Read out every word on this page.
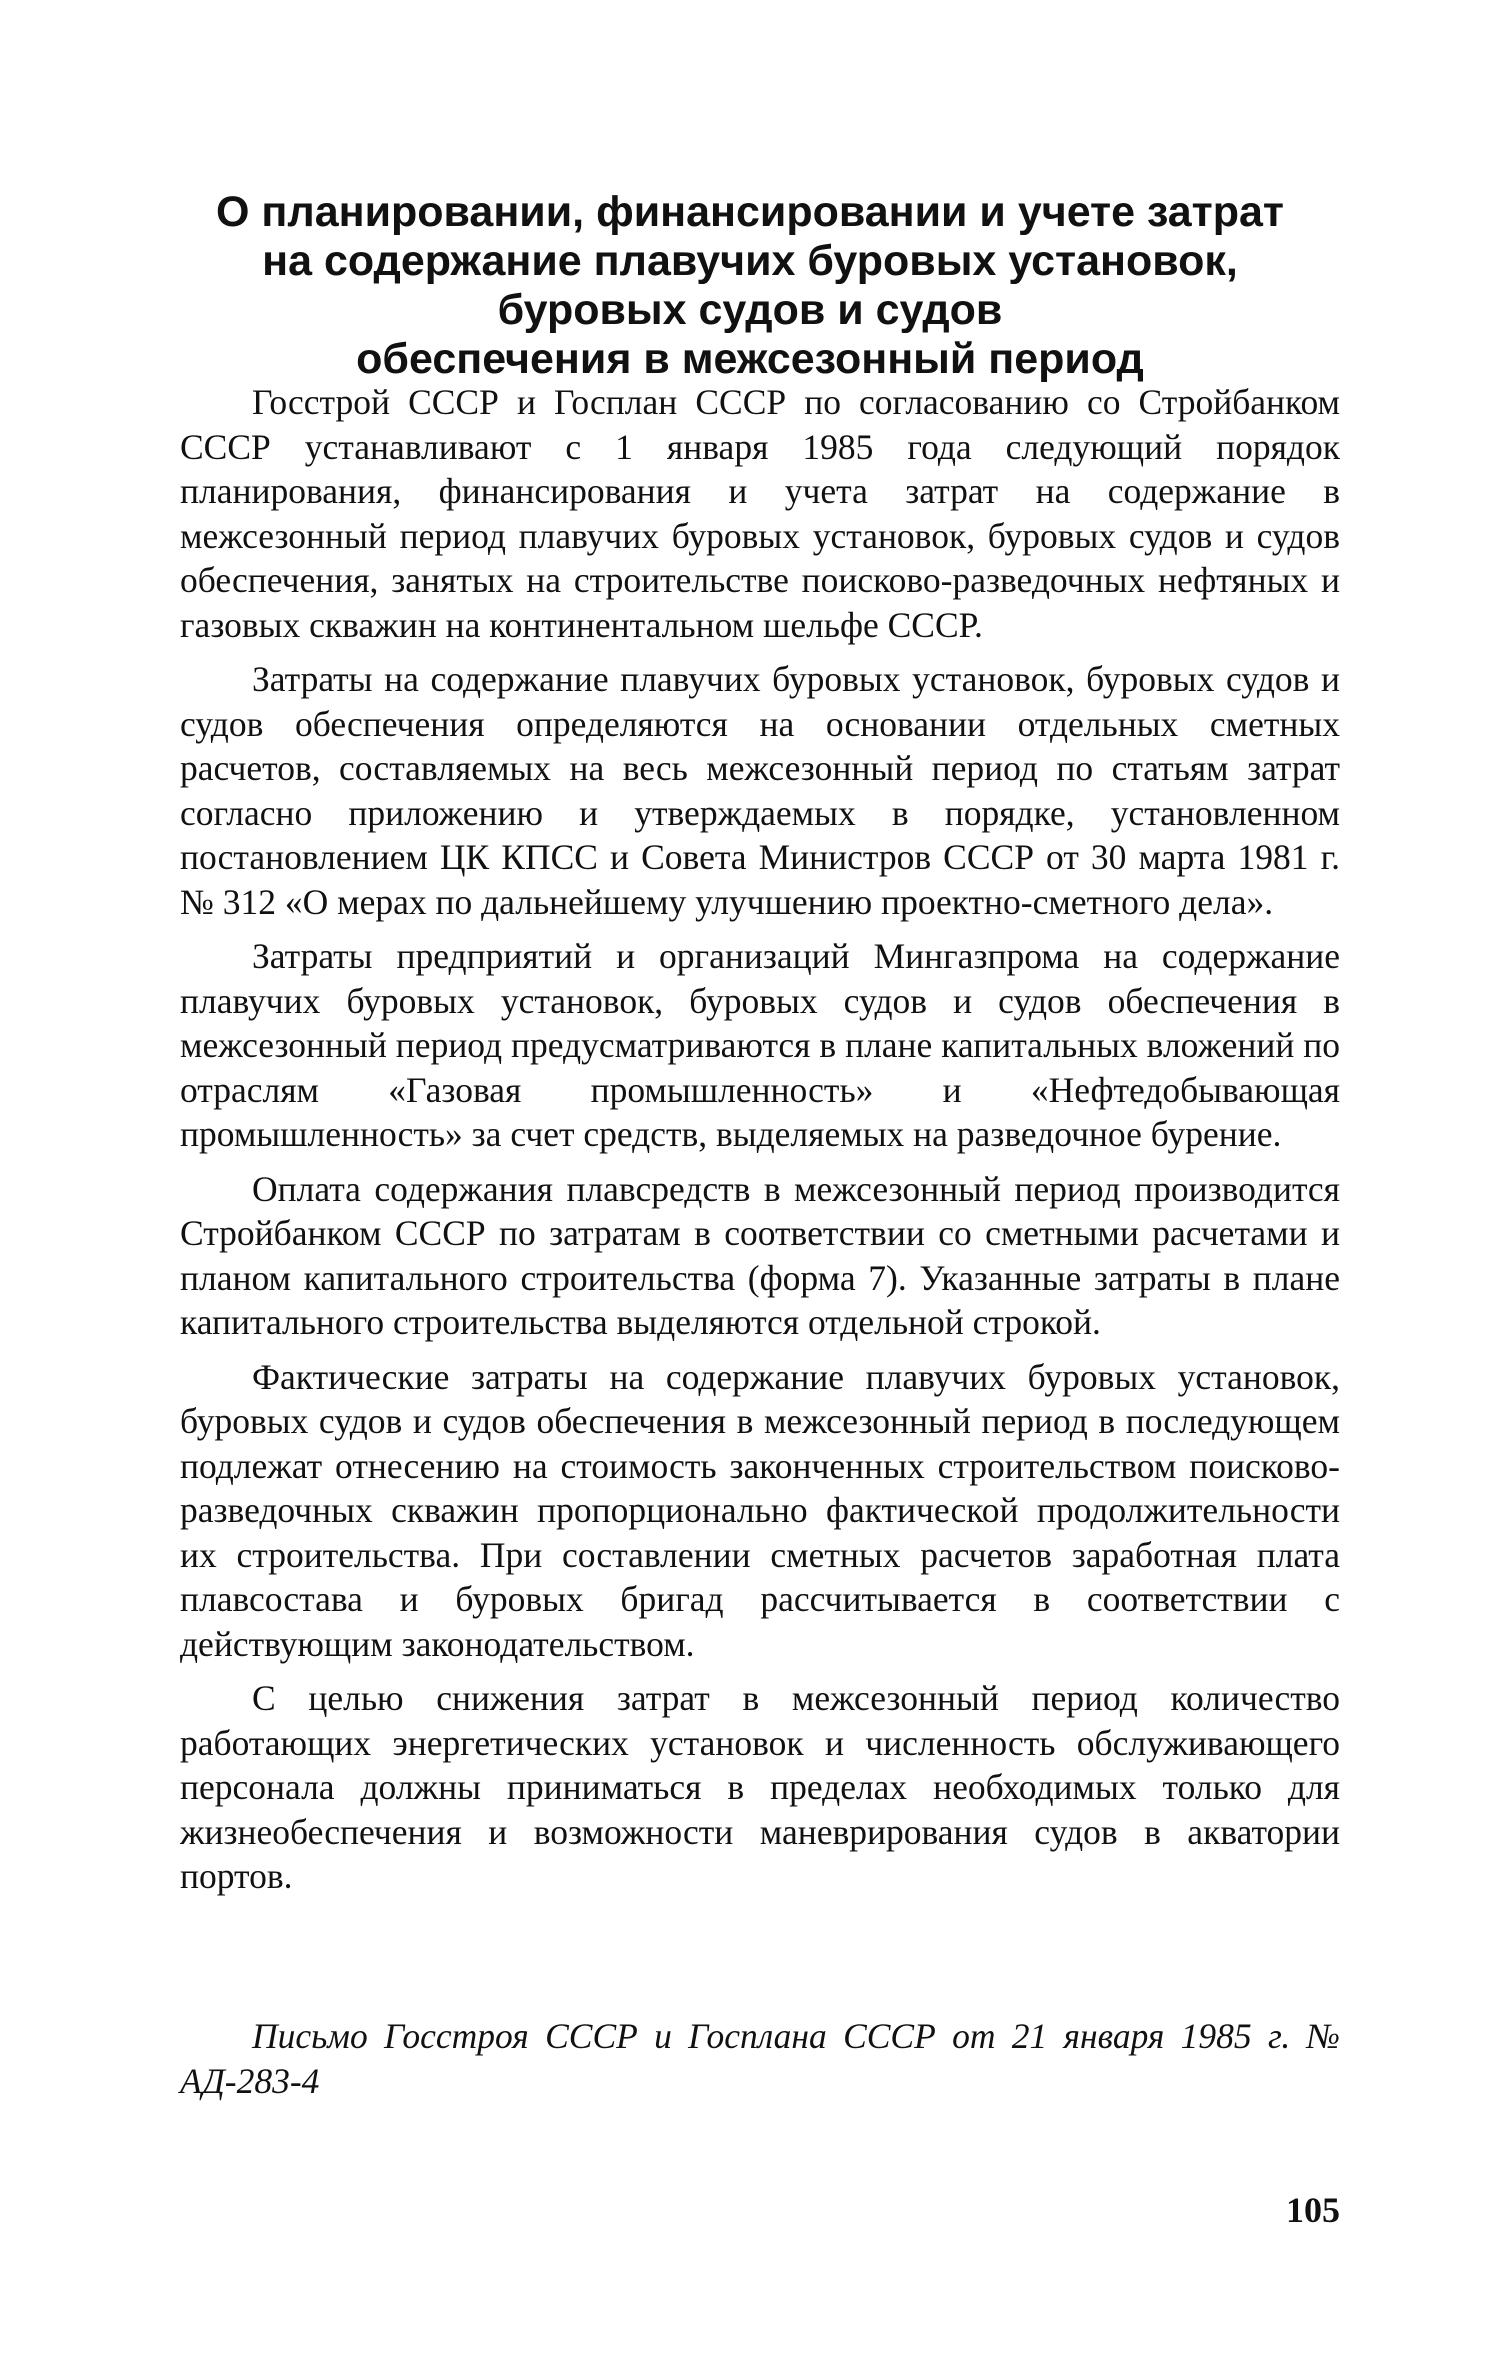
О планировании, финансировании и учете затрат
на содержание плавучих буровых установок,
буровых судов и судов
обеспечения в межсезонный период

Госстрой СССР и Госплан СССР по согласованию со Стройбанком СССР устанавливают с 1 января 1985 года следующий порядок планирования, финансирования и учета затрат на содержание в межсезонный период плавучих буровых установок, буровых судов и судов обеспечения, занятых на строительстве поисково-разведочных нефтяных и газовых скважин на континентальном шельфе СССР.

Затраты на содержание плавучих буровых установок, буровых судов и судов обеспечения определяются на основании отдельных сметных расчетов, составляемых на весь межсезонный период по статьям затрат согласно приложению и утверждаемых в порядке, установленном постановлением ЦК КПСС и Совета Министров СССР от 30 марта 1981 г. № 312 «О мерах по дальнейшему улучшению проектно-сметного дела».

Затраты предприятий и организаций Мингазпрома на содержание плавучих буровых установок, буровых судов и судов обеспечения в межсезонный период предусматриваются в плане капитальных вложений по отраслям «Газовая промышленность» и «Нефтедобывающая промышленность» за счет средств, выделяемых на разведочное бурение.

Оплата содержания плавсредств в межсезонный период производится Стройбанком СССР по затратам в соответствии со сметными расчетами и планом капитального строительства (форма 7). Указанные затраты в плане капитального строительства выделяются отдельной строкой.

Фактические затраты на содержание плавучих буровых установок, буровых судов и судов обеспечения в межсезонный период в последующем подлежат отнесению на стоимость законченных строительством поисково-разведочных скважин пропорционально фактической продолжительности их строительства. При составлении сметных расчетов заработная плата плавсостава и буровых бригад рассчитывается в соответствии с действующим законодательством.

С целью снижения затрат в межсезонный период количество работающих энергетических установок и численность обслуживающего персонала должны приниматься в пределах необходимых только для жизнеобеспечения и возможности маневрирования судов в акватории портов.

Письмо Госстроя СССР и Госплана СССР от 21 января 1985 г. № АД-283-4

105
